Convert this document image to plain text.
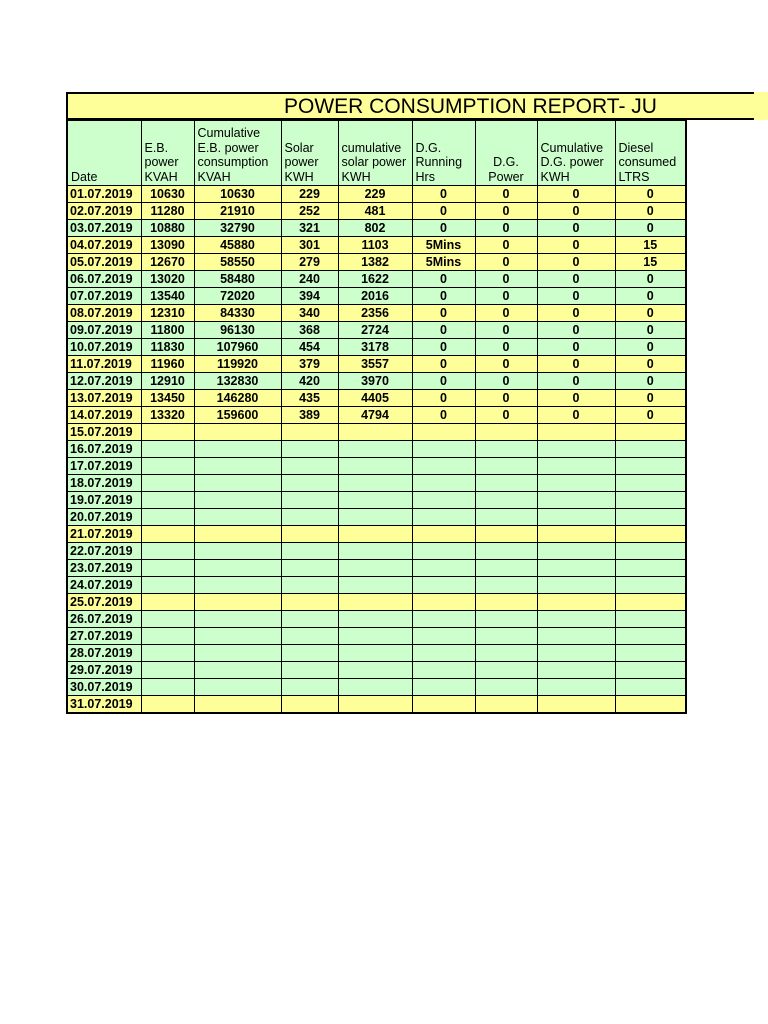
POWER CONSUMPTION REPORT- JU
Date	E.B. power KVAH	Cumulative E.B. power consumption KVAH	Solar power KWH	cumulative solar power KWH	D.G. Running Hrs	D.G. Power	Cumulative D.G. power KWH	Diesel consumed LTRS
01.07.2019	10630	10630	229	229	0	0	0	0
02.07.2019	11280	21910	252	481	0	0	0	0
03.07.2019	10880	32790	321	802	0	0	0	0
04.07.2019	13090	45880	301	1103	5Mins	0	0	15
05.07.2019	12670	58550	279	1382	5Mins	0	0	15
06.07.2019	13020	58480	240	1622	0	0	0	0
07.07.2019	13540	72020	394	2016	0	0	0	0
08.07.2019	12310	84330	340	2356	0	0	0	0
09.07.2019	11800	96130	368	2724	0	0	0	0
10.07.2019	11830	107960	454	3178	0	0	0	0
11.07.2019	11960	119920	379	3557	0	0	0	0
12.07.2019	12910	132830	420	3970	0	0	0	0
13.07.2019	13450	146280	435	4405	0	0	0	0
14.07.2019	13320	159600	389	4794	0	0	0	0
15.07.2019								
16.07.2019								
17.07.2019								
18.07.2019								
19.07.2019								
20.07.2019								
21.07.2019								
22.07.2019								
23.07.2019								
24.07.2019								
25.07.2019								
26.07.2019								
27.07.2019								
28.07.2019								
29.07.2019								
30.07.2019								
31.07.2019								
